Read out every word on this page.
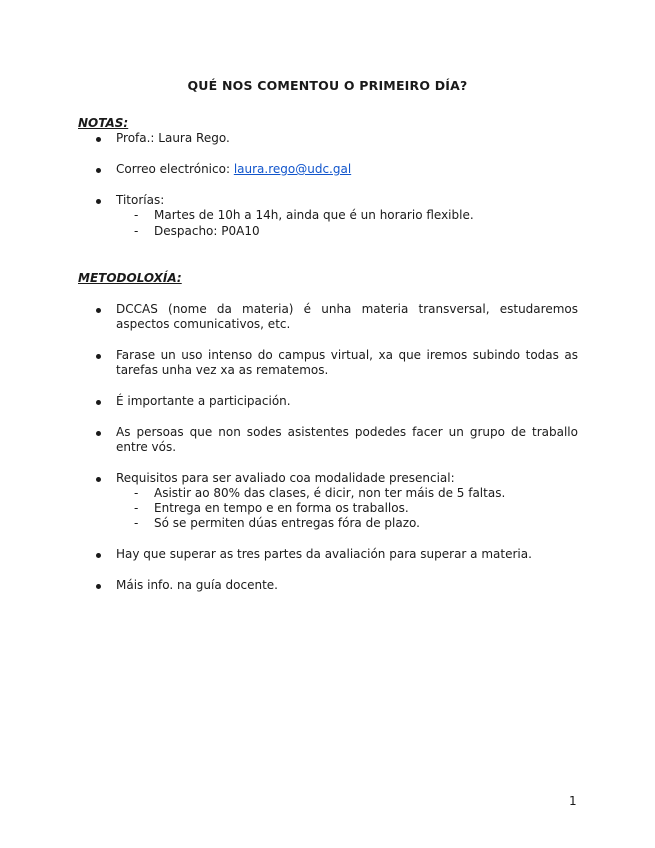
QUÉ NOS COMENTOU O PRIMEIRO DÍA?
NOTAS:
Profa.: Laura Rego.
Correo electrónico: laura.rego@udc.gal
Titorías:
- Martes de 10h a 14h, ainda que é un horario flexible.
- Despacho: P0A10
METODOLOXÍA:
DCCAS (nome da materia) é unha materia transversal, estudaremos aspectos comunicativos, etc.
Farase un uso intenso do campus virtual, xa que iremos subindo todas as tarefas unha vez xa as rematemos.
É importante a participación.
As persoas que non sodes asistentes podedes facer un grupo de traballo entre vós.
Requisitos para ser avaliado coa modalidade presencial:
- Asistir ao 80% das clases, é dicir, non ter máis de 5 faltas.
- Entrega en tempo e en forma os traballos.
- Só se permiten dúas entregas fóra de plazo.
Hay que superar as tres partes da avaliación para superar a materia.
Máis info. na guía docente.
1
